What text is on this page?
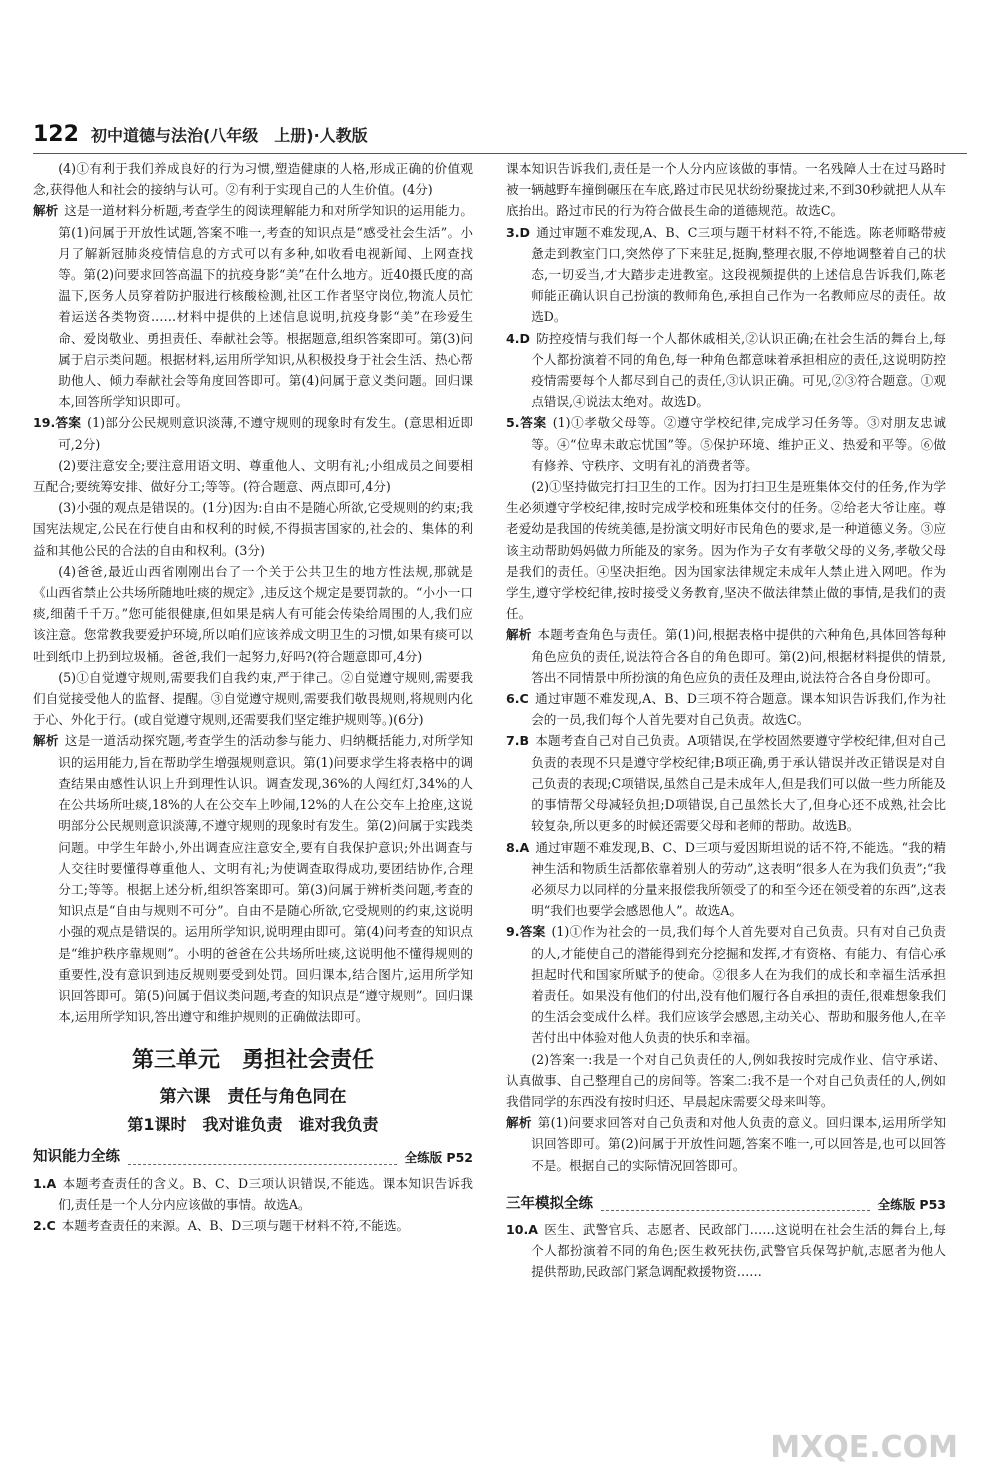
122 初中道德与法治(八年级　上册)·人教版

(4)①有利于我们养成良好的行为习惯,塑造健康的人格,形成正确的价值观念,获得他人和社会的接纳与认可。②有利于实现自己的人生价值。(4分)

解析 这是一道材料分析题,考查学生的阅读理解能力和对所学知识的运用能力。第(1)问属于开放性试题,答案不唯一,考查的知识点是“感受社会生活”。小月了解新冠肺炎疫情信息的方式可以有多种,如收看电视新闻、上网查找等。第(2)问要求回答高温下的抗疫身影“美”在什么地方。近40摄氏度的高温下,医务人员穿着防护服进行核酸检测,社区工作者坚守岗位,物流人员忙着运送各类物资……材料中提供的上述信息说明,抗疫身影“美”在珍爱生命、爱岗敬业、勇担责任、奉献社会等。根据题意,组织答案即可。第(3)问属于启示类问题。根据材料,运用所学知识,从积极投身于社会生活、热心帮助他人、倾力奉献社会等角度回答即可。第(4)问属于意义类问题。回归课本,回答所学知识即可。

19.答案 (1)部分公民规则意识淡薄,不遵守规则的现象时有发生。(意思相近即可,2分)

(2)要注意安全;要注意用语文明、尊重他人、文明有礼;小组成员之间要相互配合;要统筹安排、做好分工;等等。(符合题意、两点即可,4分)

(3)小强的观点是错误的。(1分)因为:自由不是随心所欲,它受规则的约束;我国宪法规定,公民在行使自由和权利的时候,不得损害国家的,社会的、集体的利益和其他公民的合法的自由和权利。(3分)

(4)爸爸,最近山西省刚刚出台了一个关于公共卫生的地方性法规,那就是《山西省禁止公共场所随地吐痰的规定》,违反这个规定是要罚款的。“小小一口痰,细菌千千万。”您可能很健康,但如果是病人有可能会传染给周围的人,我们应该注意。您常教我要爱护环境,所以咱们应该养成文明卫生的习惯,如果有痰可以吐到纸巾上扔到垃圾桶。爸爸,我们一起努力,好吗?(符合题意即可,4分)

(5)①自觉遵守规则,需要我们自我约束,严于律己。②自觉遵守规则,需要我们自觉接受他人的监督、提醒。③自觉遵守规则,需要我们敬畏规则,将规则内化于心、外化于行。(或自觉遵守规则,还需要我们坚定维护规则等。)(6分)

解析 这是一道活动探究题,考查学生的活动参与能力、归纳概括能力,对所学知识的运用能力,旨在帮助学生增强规则意识。第(1)问要求学生将表格中的调查结果由感性认识上升到理性认识。调查发现,36%的人闯红灯,34%的人在公共场所吐痰,18%的人在公交车上吵闹,12%的人在公交车上抢座,这说明部分公民规则意识淡薄,不遵守规则的现象时有发生。第(2)问属于实践类问题。中学生年龄小,外出调查应注意安全,要有自我保护意识;外出调查与人交往时要懂得尊重他人、文明有礼;为使调查取得成功,要团结协作,合理分工;等等。根据上述分析,组织答案即可。第(3)问属于辨析类问题,考查的知识点是“自由与规则不可分”。自由不是随心所欲,它受规则的约束,这说明小强的观点是错误的。运用所学知识,说明理由即可。第(4)问考查的知识点是“维护秩序靠规则”。小明的爸爸在公共场所吐痰,这说明他不懂得规则的重要性,没有意识到违反规则要受到处罚。回归课本,结合图片,运用所学知识回答即可。第(5)问属于倡议类问题,考查的知识点是“遵守规则”。回归课本,运用所学知识,答出遵守和维护规则的正确做法即可。

第三单元　勇担社会责任
第六课　责任与角色同在
第1课时　我对谁负责　谁对我负责
知识能力全练	全练版 P52

1.A 本题考查责任的含义。B、C、D三项认识错误,不能选。课本知识告诉我们,责任是一个人分内应该做的事情。故选A。

2.C 本题考查责任的来源。A、B、D三项与题干材料不符,不能选。

课本知识告诉我们,责任是一个人分内应该做的事情。一名残障人士在过马路时被一辆越野车撞倒碾压在车底,路过市民见状纷纷聚拢过来,不到30秒就把人从车底抬出。路过市民的行为符合做長生命的道德规范。故选C。

3.D 通过审题不难发现,A、B、C三项与题干材料不符,不能选。陈老师略带疲惫走到教室门口,突然停了下来驻足,挺胸,整理衣服,不停地调整着自己的状态,一切妥当,才大踏步走进教室。这段视频提供的上述信息告诉我们,陈老师能正确认识自己扮演的教师角色,承担自己作为一名教师应尽的责任。故选D。

4.D 防控疫情与我们每一个人都休戚相关,②认识正确;在社会生活的舞台上,每个人都扮演着不同的角色,每一种角色都意味着承担相应的责任,这说明防控疫情需要每个人都尽到自己的责任,③认识正确。可见,②③符合题意。①观点错误,④说法太绝对。故选D。

5.答案 (1)①孝敬父母等。②遵守学校纪律,完成学习任务等。③对朋友忠诚等。④“位卑未敢忘忧国”等。⑤保护环境、维护正义、热爱和平等。⑥做有修养、守秩序、文明有礼的消费者等。

(2)①坚持做完打扫卫生的工作。因为打扫卫生是班集体交付的任务,作为学生必须遵守学校纪律,按时完成学校和班集体交付的任务。②给老大爷让座。尊老爱幼是我国的传统美德,是扮演文明好市民角色的要求,是一种道德义务。③应该主动帮助妈妈做力所能及的家务。因为作为子女有孝敬父母的义务,孝敬父母是我们的责任。④坚决拒绝。因为国家法律规定未成年人禁止进入网吧。作为学生,遵守学校纪律,按时接受义务教育,坚决不做法律禁止做的事情,是我们的责任。

解析 本题考查角色与责任。第(1)问,根据表格中提供的六种角色,具体回答每种角色应负的责任,说法符合各自的角色即可。第(2)问,根据材料提供的情景,答出不同情景中所扮演的角色应负的责任及理由,说法符合各自身份即可。

6.C 通过审题不难发现,A、B、D三项不符合题意。课本知识告诉我们,作为社会的一员,我们每个人首先要对自己负责。故选C。

7.B 本题考查自己对自己负责。A项错误,在学校固然要遵守学校纪律,但对自己负责的表现不只是遵守学校纪律;B项正确,勇于承认错误并改正错误是对自己负责的表现;C项错误,虽然自己是未成年人,但是我们可以做一些力所能及的事情帮父母减轻负担;D项错误,自己虽然长大了,但身心还不成熟,社会比较复杂,所以更多的时候还需要父母和老师的帮助。故选B。

8.A 通过审题不难发现,B、C、D三项与爱因斯坦说的话不符,不能选。“我的精神生活和物质生活都依靠着别人的劳动”,这表明“很多人在为我们负责”;“我必须尽力以同样的分量来报偿我所领受了的和至今还在领受着的东西”,这表明“我们也要学会感恩他人”。故选A。

9.答案 (1)①作为社会的一员,我们每个人首先要对自己负责。只有对自己负责的人,才能使自己的潜能得到充分挖掘和发挥,才有资格、有能力、有信心承担起时代和国家所赋予的使命。②很多人在为我们的成长和幸福生活承担着责任。如果没有他们的付出,没有他们履行各自承担的责任,很难想象我们的生活会变成什么样。我们应该学会感恩,主动关心、帮助和服务他人,在辛苦付出中体验对他人负责的快乐和幸福。

(2)答案一:我是一个对自己负责任的人,例如我按时完成作业、信守承诺、认真做事、自己整理自己的房间等。答案二:我不是一个对自己负责任的人,例如我借同学的东西没有按时归还、早晨起床需要父母来叫等。

解析 第(1)问要求回答对自己负责和对他人负责的意义。回归课本,运用所学知识回答即可。第(2)问属于开放性问题,答案不唯一,可以回答是,也可以回答不是。根据自己的实际情况回答即可。

三年模拟全练	全练版 P53

10.A 医生、武警官兵、志愿者、民政部门……这说明在社会生活的舞台上,每个人都扮演着不同的角色;医生救死扶伤,武警官兵保驾护航,志愿者为他人提供帮助,民政部门紧急调配救援物资……

MXQE.COM
